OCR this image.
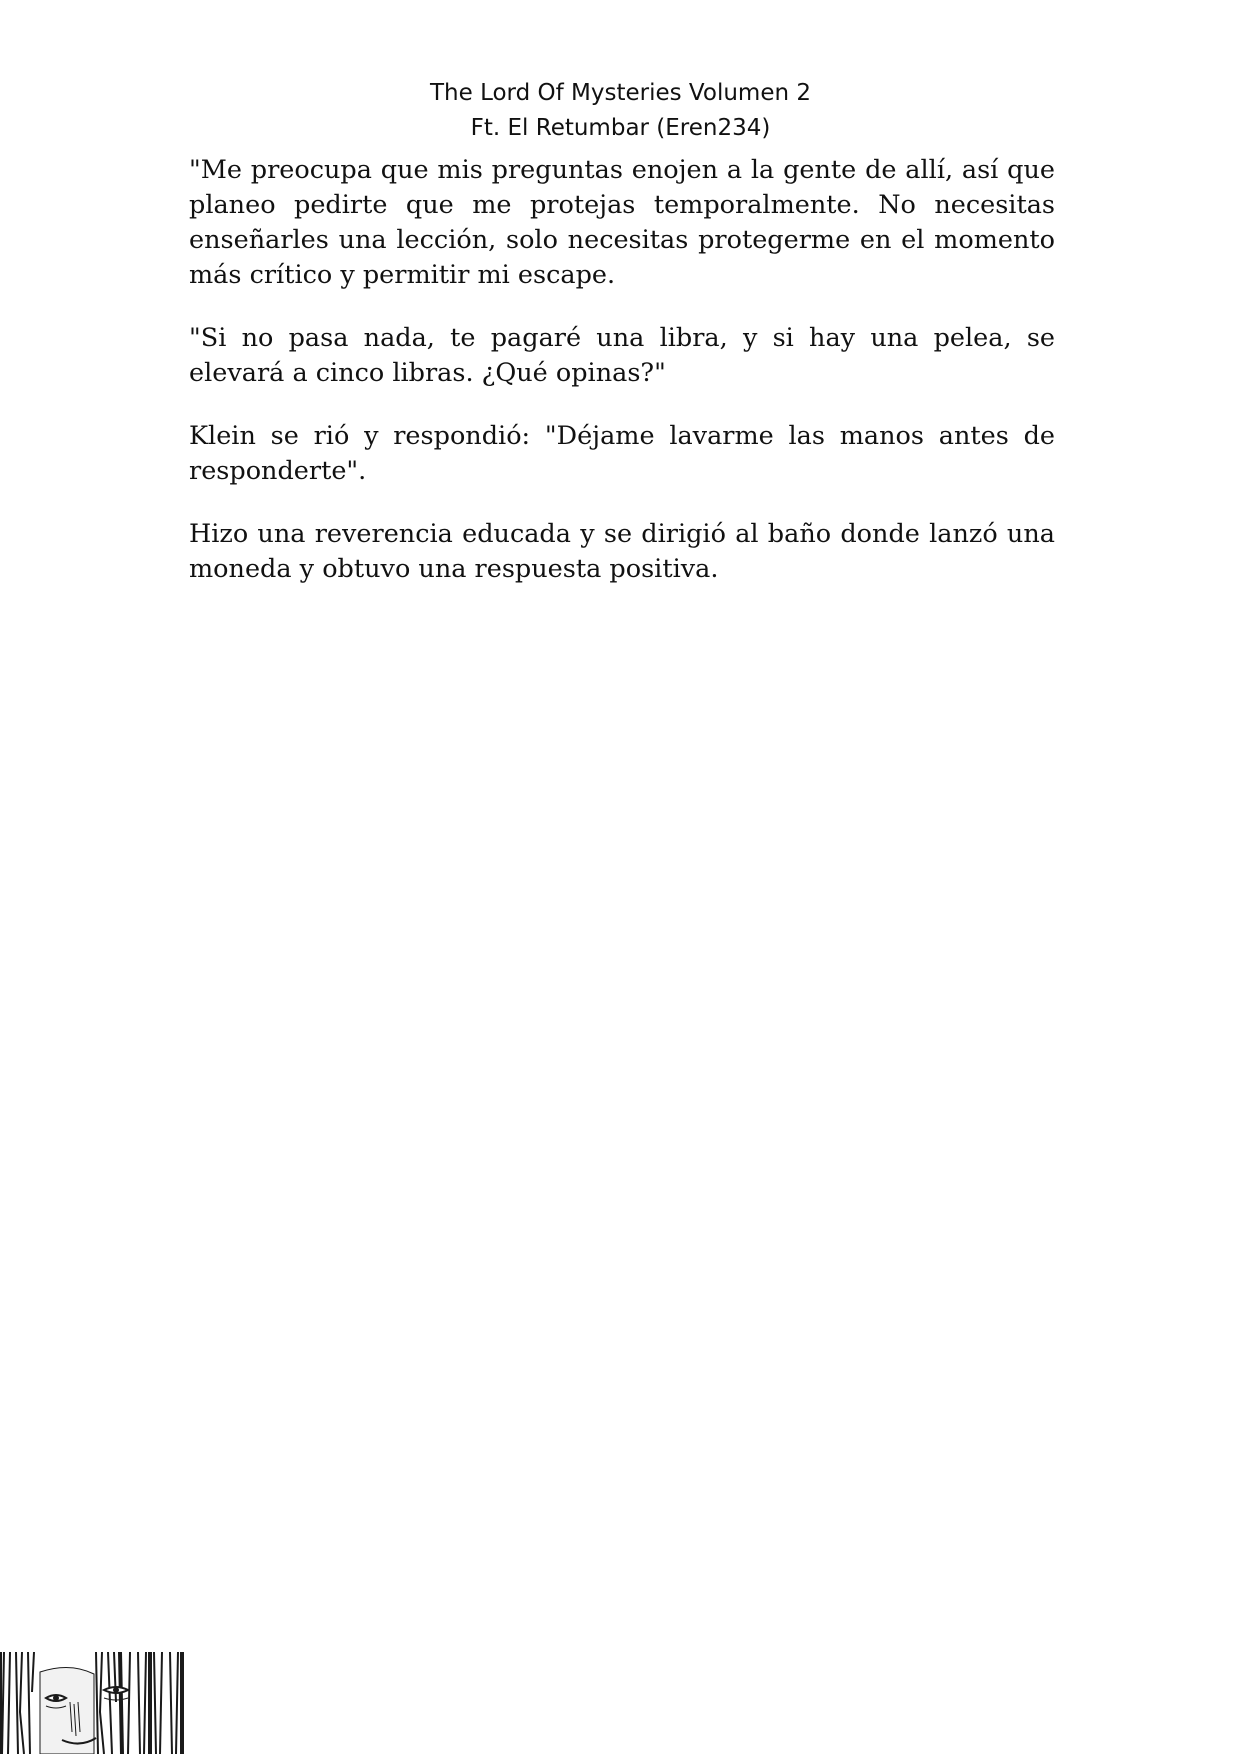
The Lord Of Mysteries Volumen 2
Ft. El Retumbar (Eren234)

"Me preocupa que mis preguntas enojen a la gente de allí, así que planeo pedirte que me protejas temporalmente. No necesitas enseñarles una lección, solo necesitas protegerme en el momento más crítico y permitir mi escape.

"Si no pasa nada, te pagaré una libra, y si hay una pelea, se elevará a cinco libras. ¿Qué opinas?"

Klein se rió y respondió: "Déjame lavarme las manos antes de responderte".

Hizo una reverencia educada y se dirigió al baño donde lanzó una moneda y obtuvo una respuesta positiva.
